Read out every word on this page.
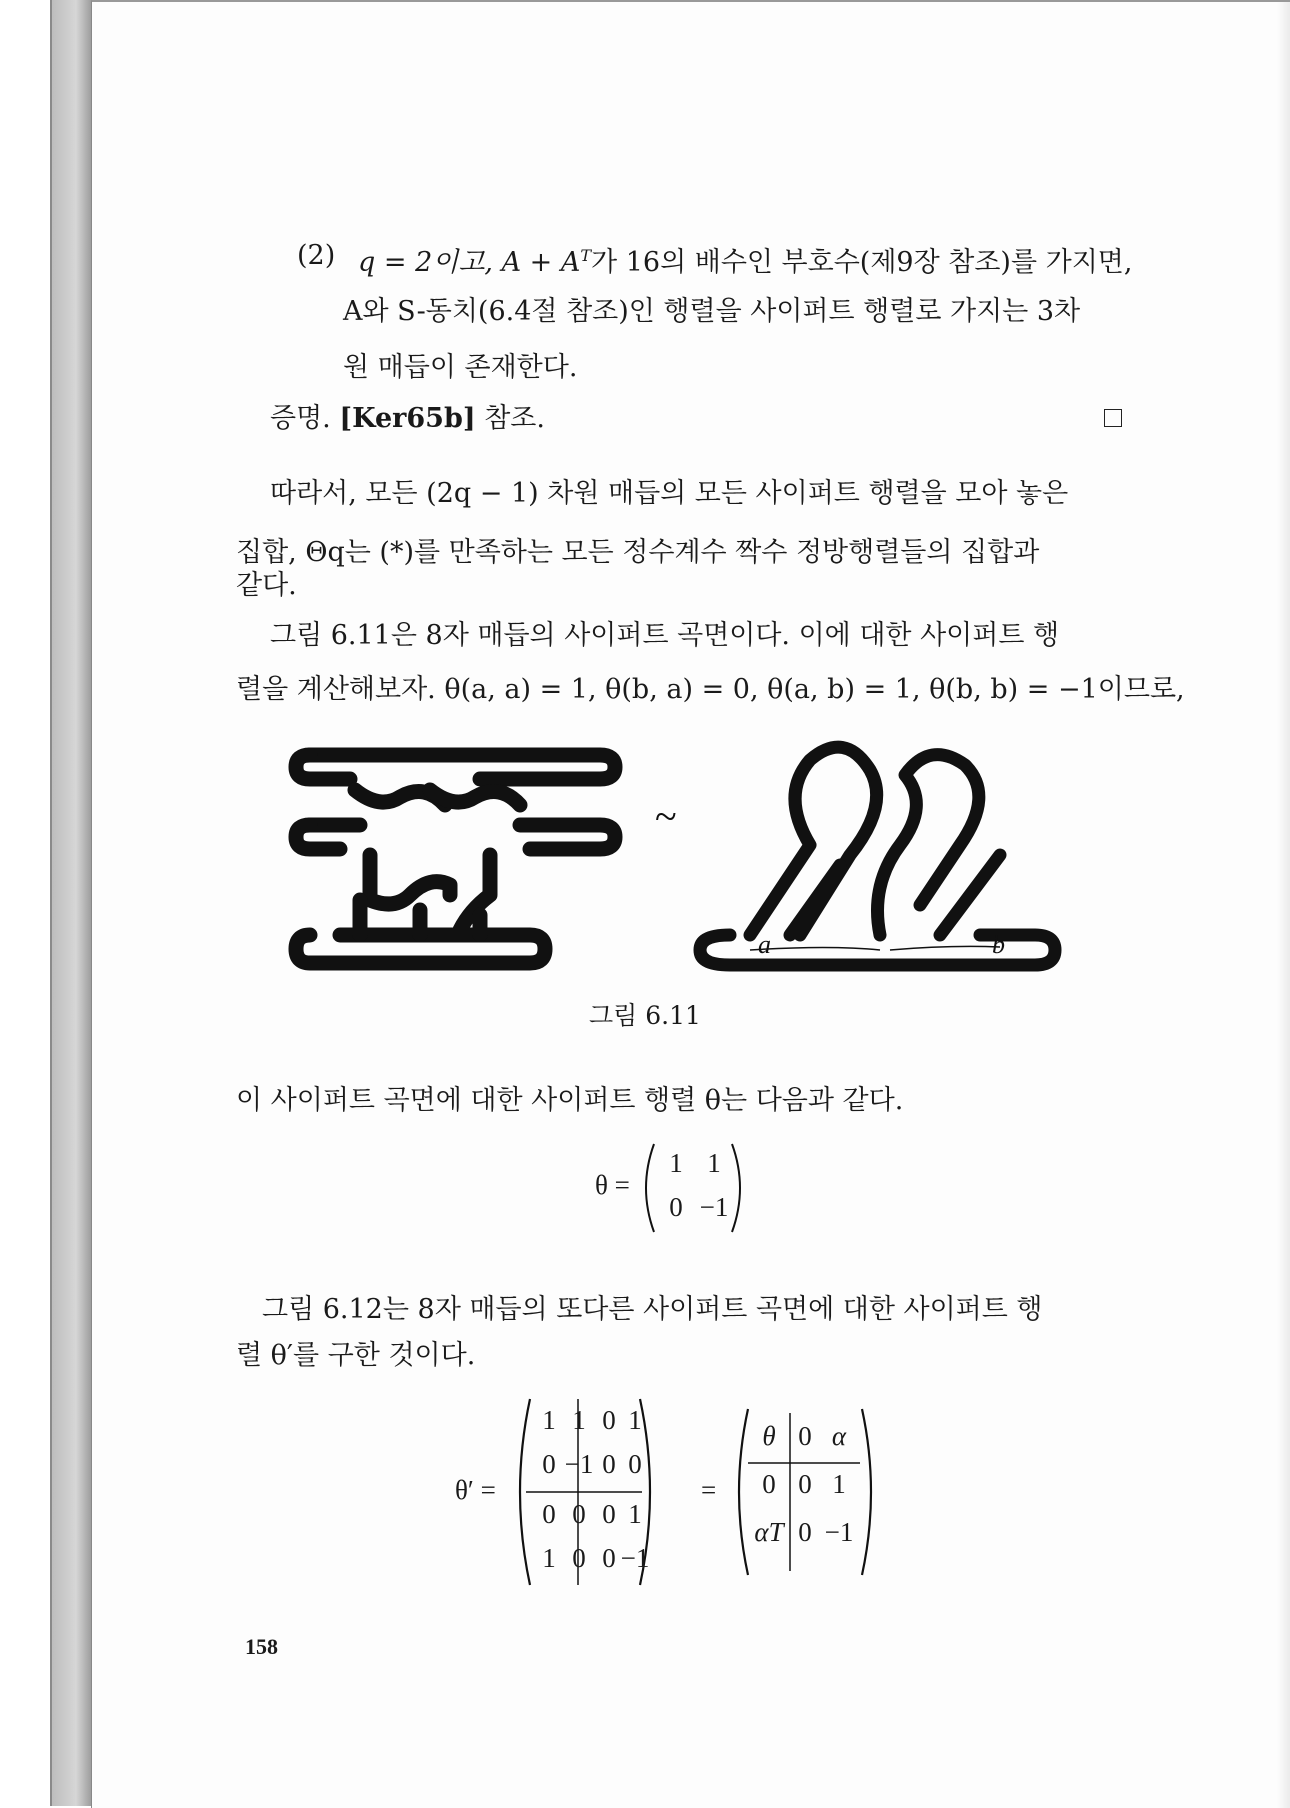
(2) q = 2이고, $A + A^T$가 16의 배수인 부호수(제9장 참조)를 가지면,
A와 S-동치(6.4절 참조)인 행렬을 사이퍼트 행렬로 가지는 3차
원 매듭이 존재한다.
증명. [Ker65b] 참조.
따라서, 모든 (2q − 1) 차원 매듭의 모든 사이퍼트 행렬을 모아 놓은
집합, Θq는 (*)를 만족하는 모든 정수계수 짝수 정방행렬들의 집합과
같다.
그림 6.11은 8자 매듭의 사이퍼트 곡면이다. 이에 대한 사이퍼트 행
렬을 계산해보자. θ(a, a) = 1, θ(b, a) = 0, θ(a, b) = 1, θ(b, b) = −1이므로,
~
a	b
그림 6.11
이 사이퍼트 곡면에 대한 사이퍼트 행렬 θ는 다음과 같다.
θ =
1 1
0 −1
그림 6.12는 8자 매듭의 또다른 사이퍼트 곡면에 대한 사이퍼트 행
렬 θ′를 구한 것이다.
θ′ =
1 1 0 1
0 −1 0 0
0 0 0 1
1 0 0 −1
=
θ 0 α
0 0 1
αT 0 −1
158
